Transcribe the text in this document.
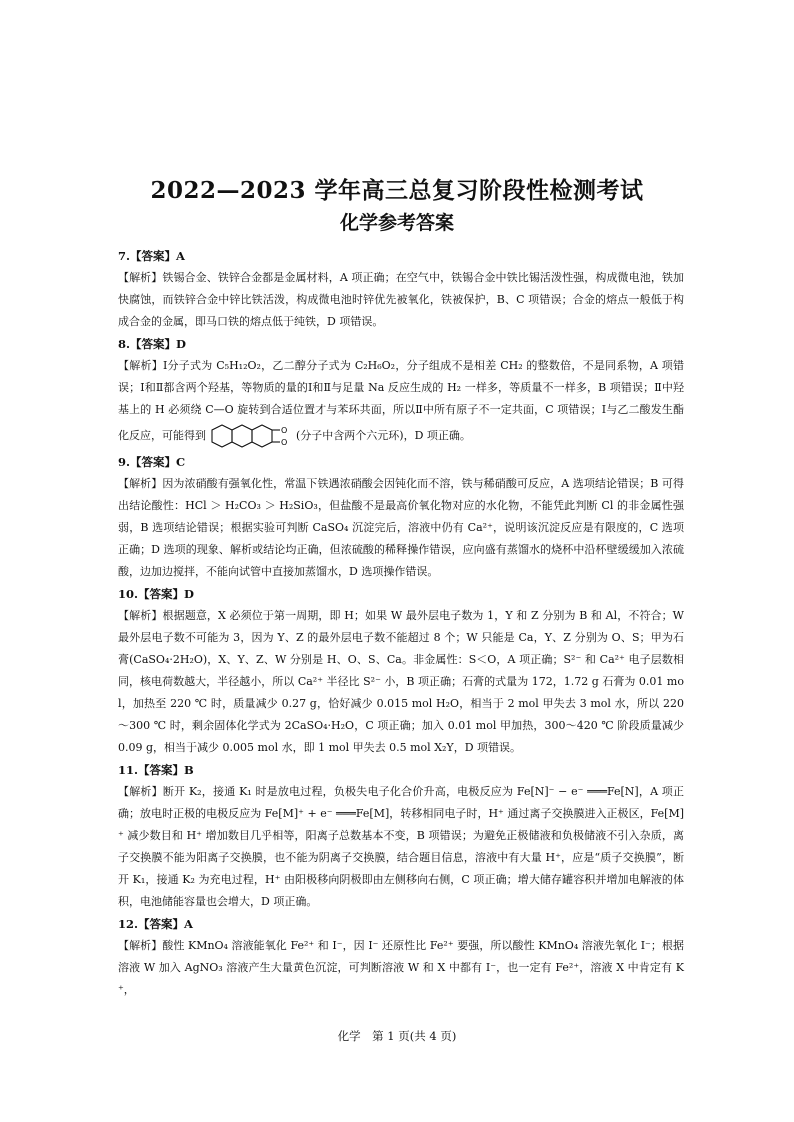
2022—2023 学年高三总复习阶段性检测考试
化学参考答案
7.【答案】A
【解析】铁锡合金、铁锌合金都是金属材料，A 项正确；在空气中，铁锡合金中铁比锡活泼性强，构成微电池，铁加快腐蚀，而铁锌合金中锌比铁活泼，构成微电池时锌优先被氧化，铁被保护，B、C 项错误；合金的熔点一般低于构成合金的金属，即马口铁的熔点低于纯铁，D 项错误。
8.【答案】D
【解析】Ⅰ分子式为 C₅H₁₂O₂，乙二醇分子式为 C₂H₆O₂，分子组成不是相差 CH₂ 的整数倍，不是同系物，A 项错误；Ⅰ和Ⅱ都含两个羟基，等物质的量的Ⅰ和Ⅱ与足量 Na 反应生成的 H₂ 一样多，等质量不一样多，B 项错误；Ⅱ中羟基上的 H 必须绕 C—O 旋转到合适位置才与苯环共面，所以Ⅱ中所有原子不一定共面，C 项错误；Ⅰ与乙二酸发生酯化反应，可能得到	O
O
(分子中含两个六元环)，D 项正确。
9.【答案】C
【解析】因为浓硝酸有强氧化性，常温下铁遇浓硝酸会因钝化而不溶，铁与稀硝酸可反应，A 选项结论错误；B 可得出结论酸性：HCl ＞ H₂CO₃ ＞ H₂SiO₃，但盐酸不是最高价氧化物对应的水化物，不能凭此判断 Cl 的非金属性强弱，B 选项结论错误；根据实验可判断 CaSO₄ 沉淀完后，溶液中仍有 Ca²⁺，说明该沉淀反应是有限度的，C 选项正确；D 选项的现象、解析或结论均正确，但浓硫酸的稀释操作错误，应向盛有蒸馏水的烧杯中沿杯壁缓缓加入浓硫酸，边加边搅拌，不能向试管中直接加蒸馏水，D 选项操作错误。
10.【答案】D
【解析】根据题意，X 必须位于第一周期，即 H；如果 W 最外层电子数为 1，Y 和 Z 分别为 B 和 Al，不符合；W 最外层电子数不可能为 3，因为 Y、Z 的最外层电子数不能超过 8 个；W 只能是 Ca，Y、Z 分别为 O、S；甲为石膏(CaSO₄·2H₂O)，X、Y、Z、W 分别是 H、O、S、Ca。非金属性：S＜O，A 项正确；S²⁻ 和 Ca²⁺ 电子层数相同，核电荷数越大，半径越小，所以 Ca²⁺ 半径比 S²⁻ 小，B 项正确；石膏的式量为 172，1.72 g 石膏为 0.01 mol，加热至 220 ℃ 时，质量减少 0.27 g，恰好减少 0.015 mol H₂O，相当于 2 mol 甲失去 3 mol 水，所以 220～300 ℃ 时，剩余固体化学式为 2CaSO₄·H₂O，C 项正确；加入 0.01 mol 甲加热，300～420 ℃ 阶段质量减少 0.09 g，相当于减少 0.005 mol 水，即 1 mol 甲失去 0.5 mol X₂Y，D 项错误。
11.【答案】B
【解析】断开 K₂，接通 K₁ 时是放电过程，负极失电子化合价升高，电极反应为 Fe[N]⁻ − e⁻ ═══Fe[N]，A 项正确；放电时正极的电极反应为 Fe[M]⁺ + e⁻ ═══Fe[M]，转移相同电子时，H⁺ 通过离子交换膜进入正极区，Fe[M]⁺ 减少数目和 H⁺ 增加数目几乎相等，阳离子总数基本不变，B 项错误；为避免正极储液和负极储液不引入杂质，离子交换膜不能为阳离子交换膜，也不能为阴离子交换膜，结合题目信息，溶液中有大量 H⁺，应是“质子交换膜”，断开 K₁，接通 K₂ 为充电过程，H⁺ 由阳极移向阴极即由左侧移向右侧，C 项正确；增大储存罐容积并增加电解液的体积，电池储能容量也会增大，D 项正确。
12.【答案】A
【解析】酸性 KMnO₄ 溶液能氧化 Fe²⁺ 和 I⁻，因 I⁻ 还原性比 Fe²⁺ 要强，所以酸性 KMnO₄ 溶液先氧化 I⁻；根据溶液 W 加入 AgNO₃ 溶液产生大量黄色沉淀，可判断溶液 W 和 X 中都有 I⁻，也一定有 Fe²⁺，溶液 X 中肯定有 K⁺，
化学　第 1 页(共 4 页)
